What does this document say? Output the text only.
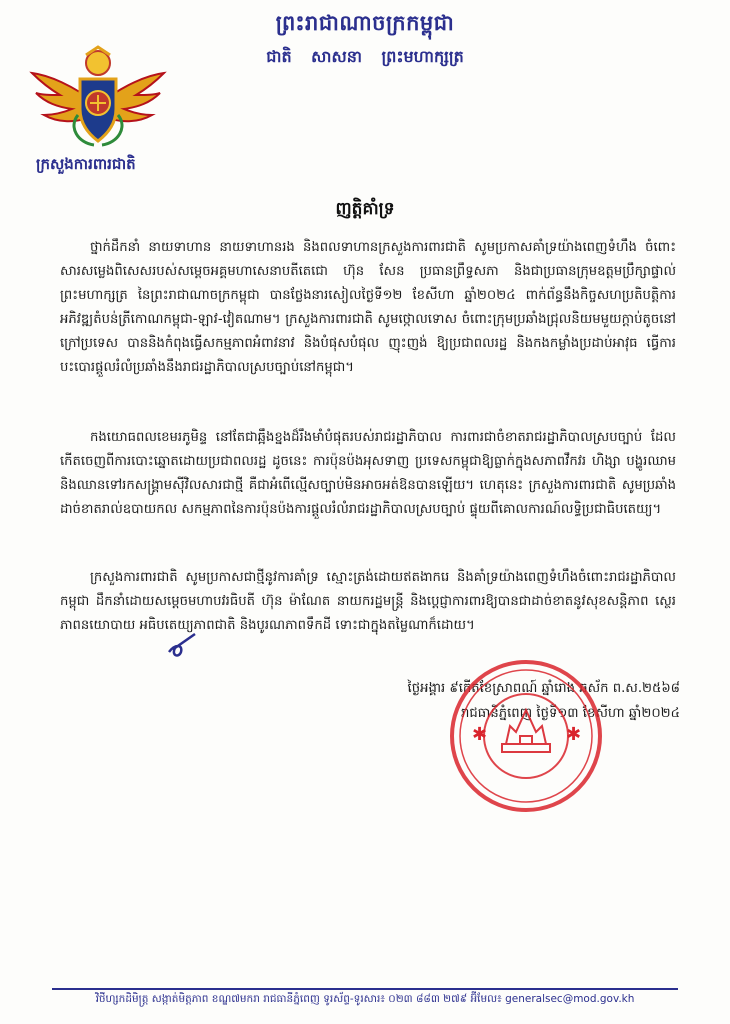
ព្រះរាជាណាចក្រកម្ពុជា
ជាតិ សាសនា ព្រះមហាក្សត្រ
ក្រសួងការពារជាតិ
ញត្តិគាំទ្រ
ថ្នាក់ដឹកនាំ នាយទាហាន នាយទាហានរង និងពលទាហានក្រសួងការពារជាតិ សូមប្រកាសគាំទ្រយ៉ាងពេញទំហឹង ចំពោះសារសម្លេងពិសេសរបស់សម្តេចអគ្គមហាសេនាបតីតេជោ ហ៊ុន សែន ប្រធានព្រឹទ្ធសភា និងជាប្រធានក្រុមឧត្តមប្រឹក្សាផ្ទាល់ព្រះមហាក្សត្រ នៃព្រះរាជាណាចក្រកម្ពុជា បានថ្លែងនារសៀលថ្ងៃទី១២ ខែសីហា ឆ្នាំ២០២៤ ពាក់ព័ន្ធនឹងកិច្ចសហប្រតិបត្តិការអភិវឌ្ឍតំបន់ត្រីកោណកម្ពុជា-ឡាវ-វៀតណាម។ ក្រសួងការពារជាតិ សូមថ្កោលទោស ចំពោះក្រុមប្រឆាំងជ្រុលនិយមមួយក្តាប់តូចនៅក្រៅប្រទេស បាននិងកំពុងធ្វើសកម្មភាពអំពាវនាវ និងបំផុសបំផុល ញុះញង់ ឱ្យប្រជាពលរដ្ឋ និងកងកម្លាំងប្រដាប់អាវុធ ធ្វើការបះបោរផ្តួលរំលំប្រឆាំងនឹងរាជរដ្ឋាភិបាលស្របច្បាប់នៅកម្ពុជា។
កងយោធពលខេមរភូមិន្ទ នៅតែជាឆ្អឹងខ្នងដ៏រឹងមាំបំផុតរបស់រាជរដ្ឋាភិបាល ការពារជាចំខាតរាជរដ្ឋាភិបាលស្របច្បាប់ ដែលកើតចេញពីការបោះឆ្នោតដោយប្រជាពលរដ្ឋ ដូចនេះ ការប៉ុនប៉ងអុសទាញ ប្រទេសកម្ពុជាឱ្យធ្លាក់ក្នុងសភាពវឹកវរ ហិង្សា បង្ហូរឈាម និងឈានទៅរកសង្គ្រាមស៊ីវិលសារជាថ្មី គឺជាអំពើល្មើសច្បាប់មិនអាចអត់ឱនបានឡើយ។ ហេតុនេះ ក្រសួងការពារជាតិ សូមប្រឆាំងដាច់ខាតរាល់ឧបាយកល សកម្មភាពនៃការប៉ុនប៉ងការផ្តួលរំលំរាជរដ្ឋាភិបាលស្របច្បាប់ ផ្ទុយពីគោលការណ៍លទ្ធិប្រជាធិបតេយ្យ។
ក្រសួងការពារជាតិ សូមប្រកាសជាថ្មីនូវការគាំទ្រ ស្មោះត្រង់ដោយឥតងាករេ និងគាំទ្រយ៉ាងពេញទំហឹងចំពោះរាជរដ្ឋាភិបាលកម្ពុជា ដឹកនាំដោយសម្តេចមហាបវរធិបតី ហ៊ុន ម៉ាណែត នាយករដ្ឋមន្ត្រី និងប្តេជ្ញាការពារឱ្យបានជាដាច់ខាតនូវសុខសន្តិភាព ស្ថេរភាពនយោបាយ អធិបតេយ្យភាពជាតិ និងបូរណភាពទឹកដី ទោះជាក្នុងតម្លៃណាក៏ដោយ។
ថ្ងៃអង្គារ ៩កើតខែស្រាពណ៍ ឆ្នាំរោង ឆស័ក ព.ស.២៥៦៨
រាជធានីភ្នំពេញ ថ្ងៃទី១៣ ខែសីហា ឆ្នាំ២០២៤
✱	✱
វិថីហ្សកដិមិត្ត្រ សង្កាត់មិត្តភាព ខណ្ឌ៧មករា រាជធានីភ្នំពេញ ទូរស័ព្ទ-ទូរសារ៖ ០២៣ ៨៨៣ ២៧៩ អ៊ីមែល៖ generalsec@mod.gov.kh
